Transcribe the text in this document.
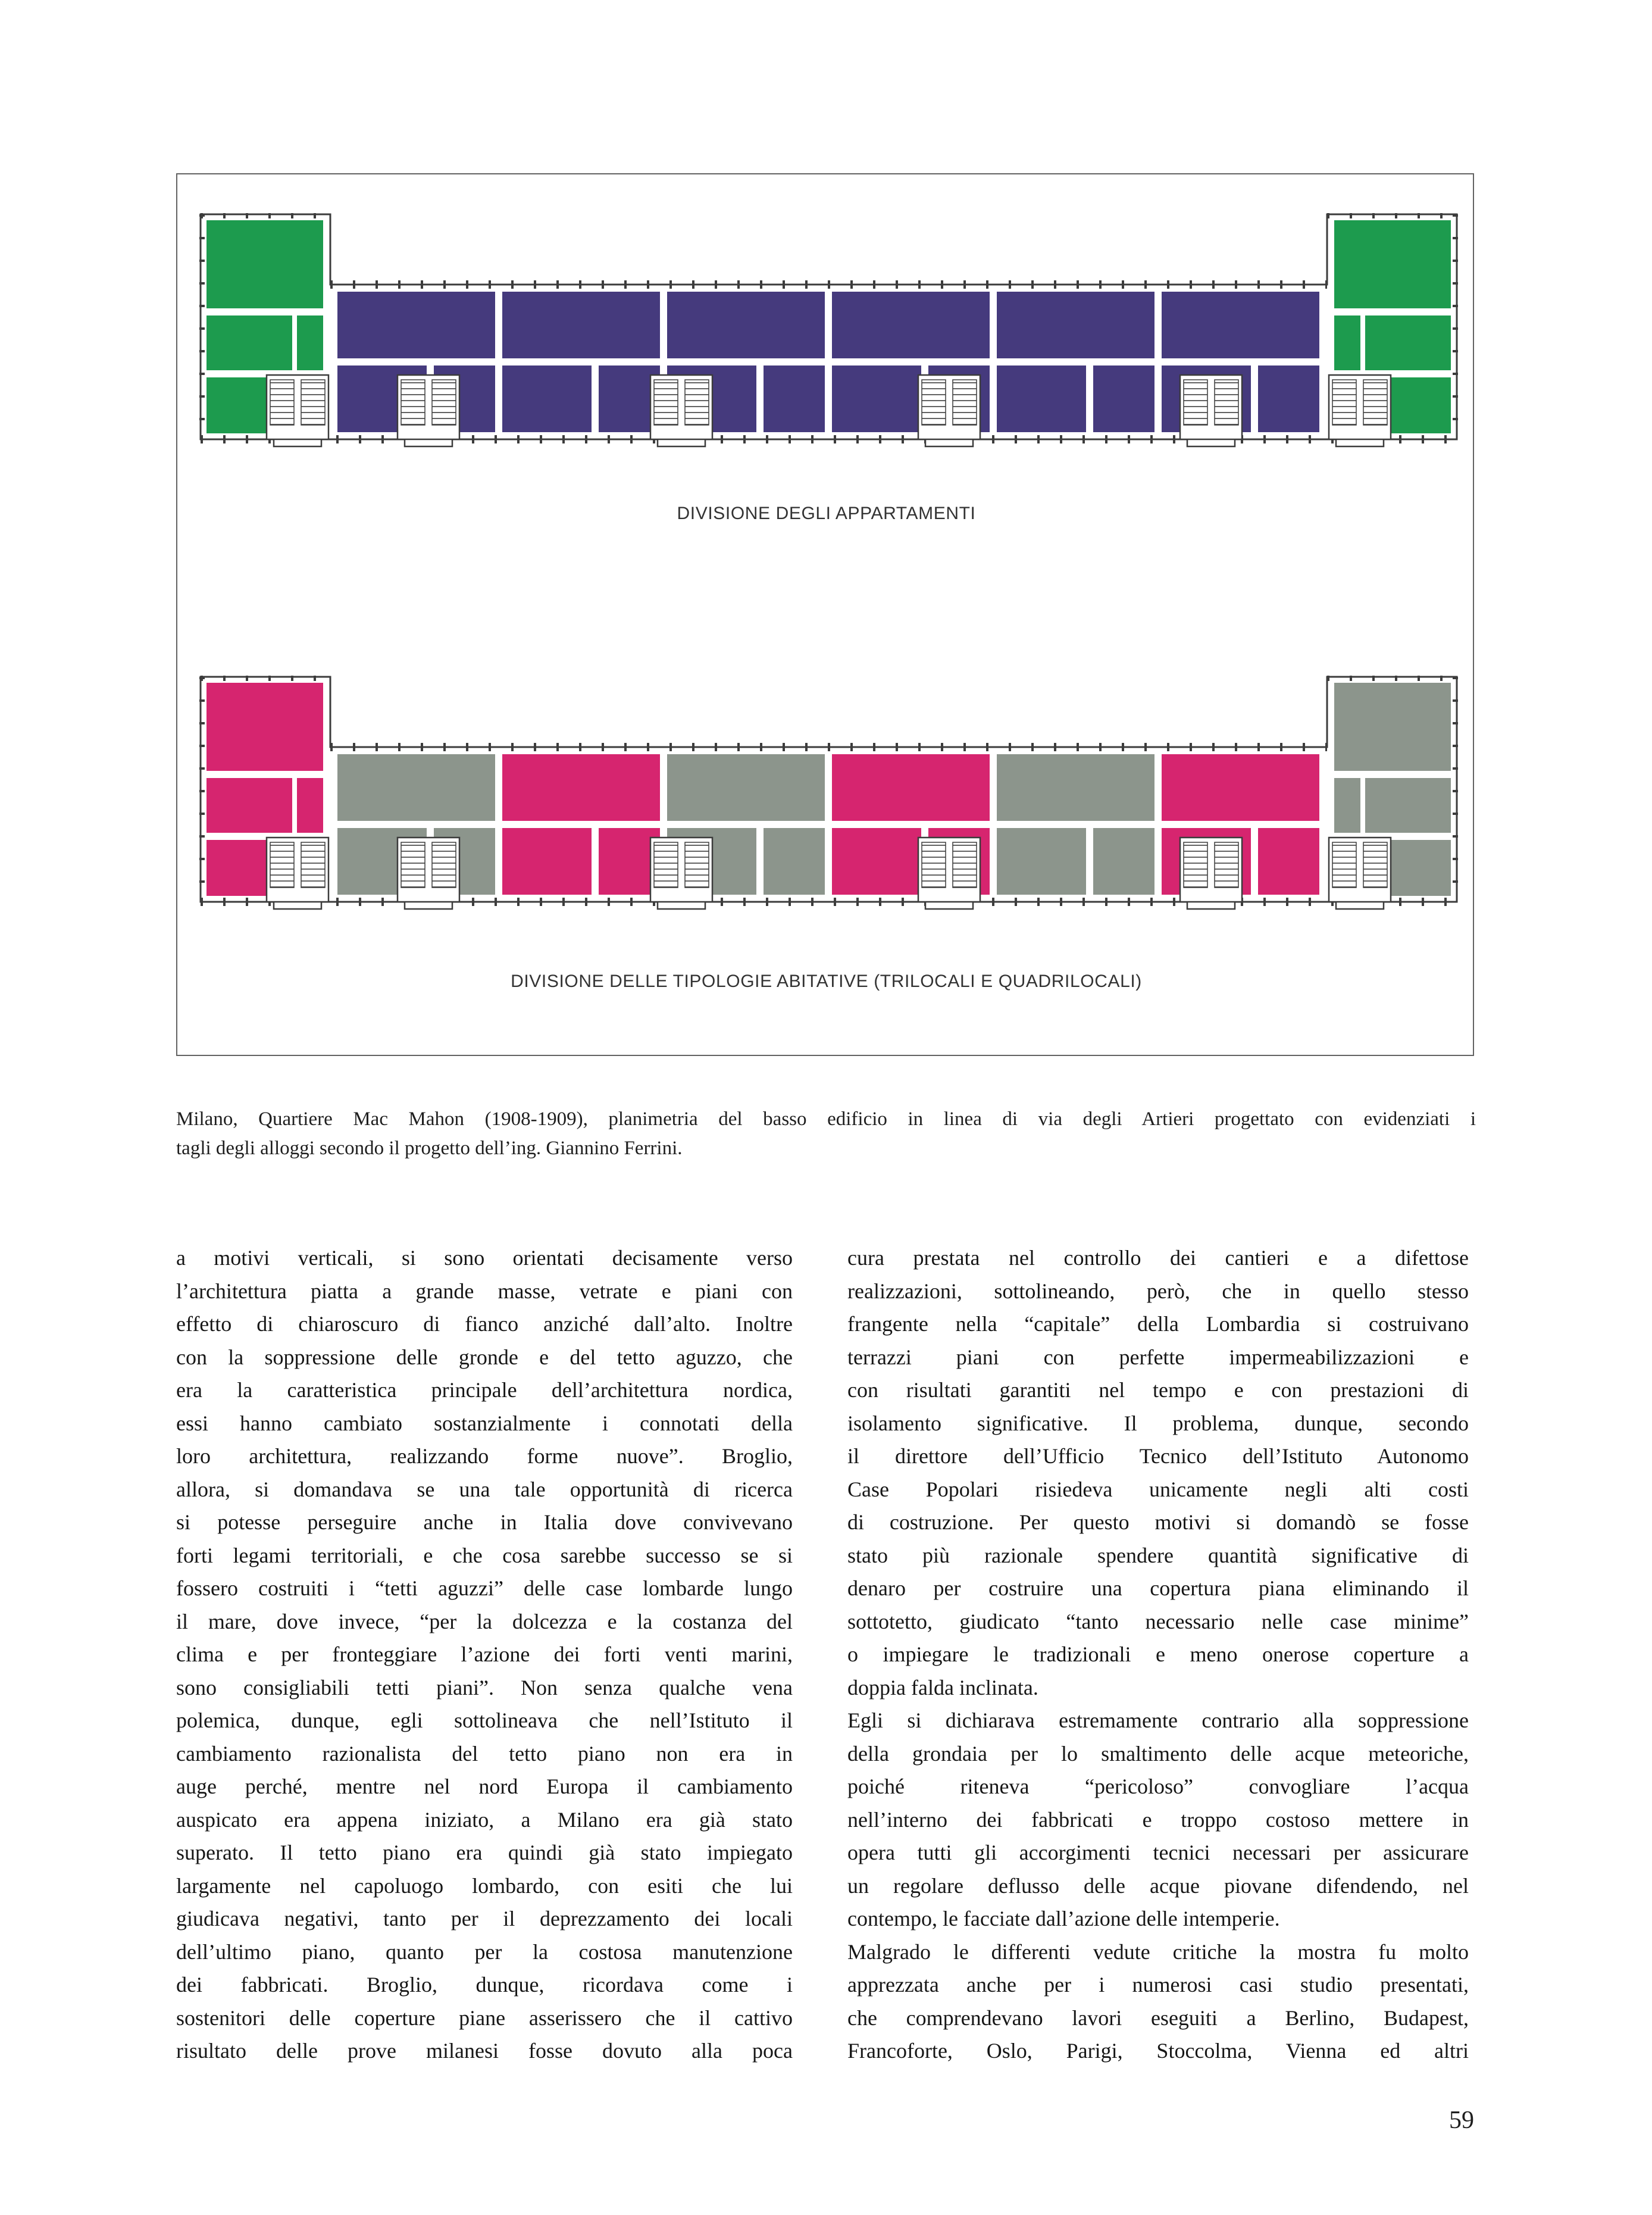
DIVISIONE DEGLI APPARTAMENTI
DIVISIONE DELLE TIPOLOGIE ABITATIVE (TRILOCALI E QUADRILOCALI)
Milano, Quartiere Mac Mahon (1908-1909), planimetria del basso edificio in linea di via degli Artieri progettato con evidenziati i
tagli degli alloggi secondo il progetto dell’ing. Giannino Ferrini.
a motivi verticali, si sono orientati decisamente verso
l’architettura piatta a grande masse, vetrate e piani con
effetto di chiaroscuro di fianco anziché dall’alto. Inoltre
con la soppressione delle gronde e del tetto aguzzo, che
era la caratteristica principale dell’architettura nordica,
essi hanno cambiato sostanzialmente i connotati della
loro architettura, realizzando forme nuove”. Broglio,
allora, si domandava se una tale opportunità di ricerca
si potesse perseguire anche in Italia dove convivevano
forti legami territoriali, e che cosa sarebbe successo se si
fossero costruiti i “tetti aguzzi” delle case lombarde lungo
il mare, dove invece, “per la dolcezza e la costanza del
clima e per fronteggiare l’azione dei forti venti marini,
sono consigliabili tetti piani”. Non senza qualche vena
polemica, dunque, egli sottolineava che nell’Istituto il
cambiamento razionalista del tetto piano non era in
auge perché, mentre nel nord Europa il cambiamento
auspicato era appena iniziato, a Milano era già stato
superato. Il tetto piano era quindi già stato impiegato
largamente nel capoluogo lombardo, con esiti che lui
giudicava negativi, tanto per il deprezzamento dei locali
dell’ultimo piano, quanto per la costosa manutenzione
dei fabbricati. Broglio, dunque, ricordava come i
sostenitori delle coperture piane asserissero che il cattivo
risultato delle prove milanesi fosse dovuto alla poca
cura prestata nel controllo dei cantieri e a difettose
realizzazioni, sottolineando, però, che in quello stesso
frangente nella “capitale” della Lombardia si costruivano
terrazzi piani con perfette impermeabilizzazioni e
con risultati garantiti nel tempo e con prestazioni di
isolamento significative. Il problema, dunque, secondo
il direttore dell’Ufficio Tecnico dell’Istituto Autonomo
Case Popolari risiedeva unicamente negli alti costi
di costruzione. Per questo motivi si domandò se fosse
stato più razionale spendere quantità significative di
denaro per costruire una copertura piana eliminando il
sottotetto, giudicato “tanto necessario nelle case minime”
o impiegare le tradizionali e meno onerose coperture a
doppia falda inclinata.
Egli si dichiarava estremamente contrario alla soppressione
della grondaia per lo smaltimento delle acque meteoriche,
poiché riteneva “pericoloso” convogliare l’acqua
nell’interno dei fabbricati e troppo costoso mettere in
opera tutti gli accorgimenti tecnici necessari per assicurare
un regolare deflusso delle acque piovane difendendo, nel
contempo, le facciate dall’azione delle intemperie.
Malgrado le differenti vedute critiche la mostra fu molto
apprezzata anche per i numerosi casi studio presentati,
che comprendevano lavori eseguiti a Berlino, Budapest,
Francoforte, Oslo, Parigi, Stoccolma, Vienna ed altri
59
